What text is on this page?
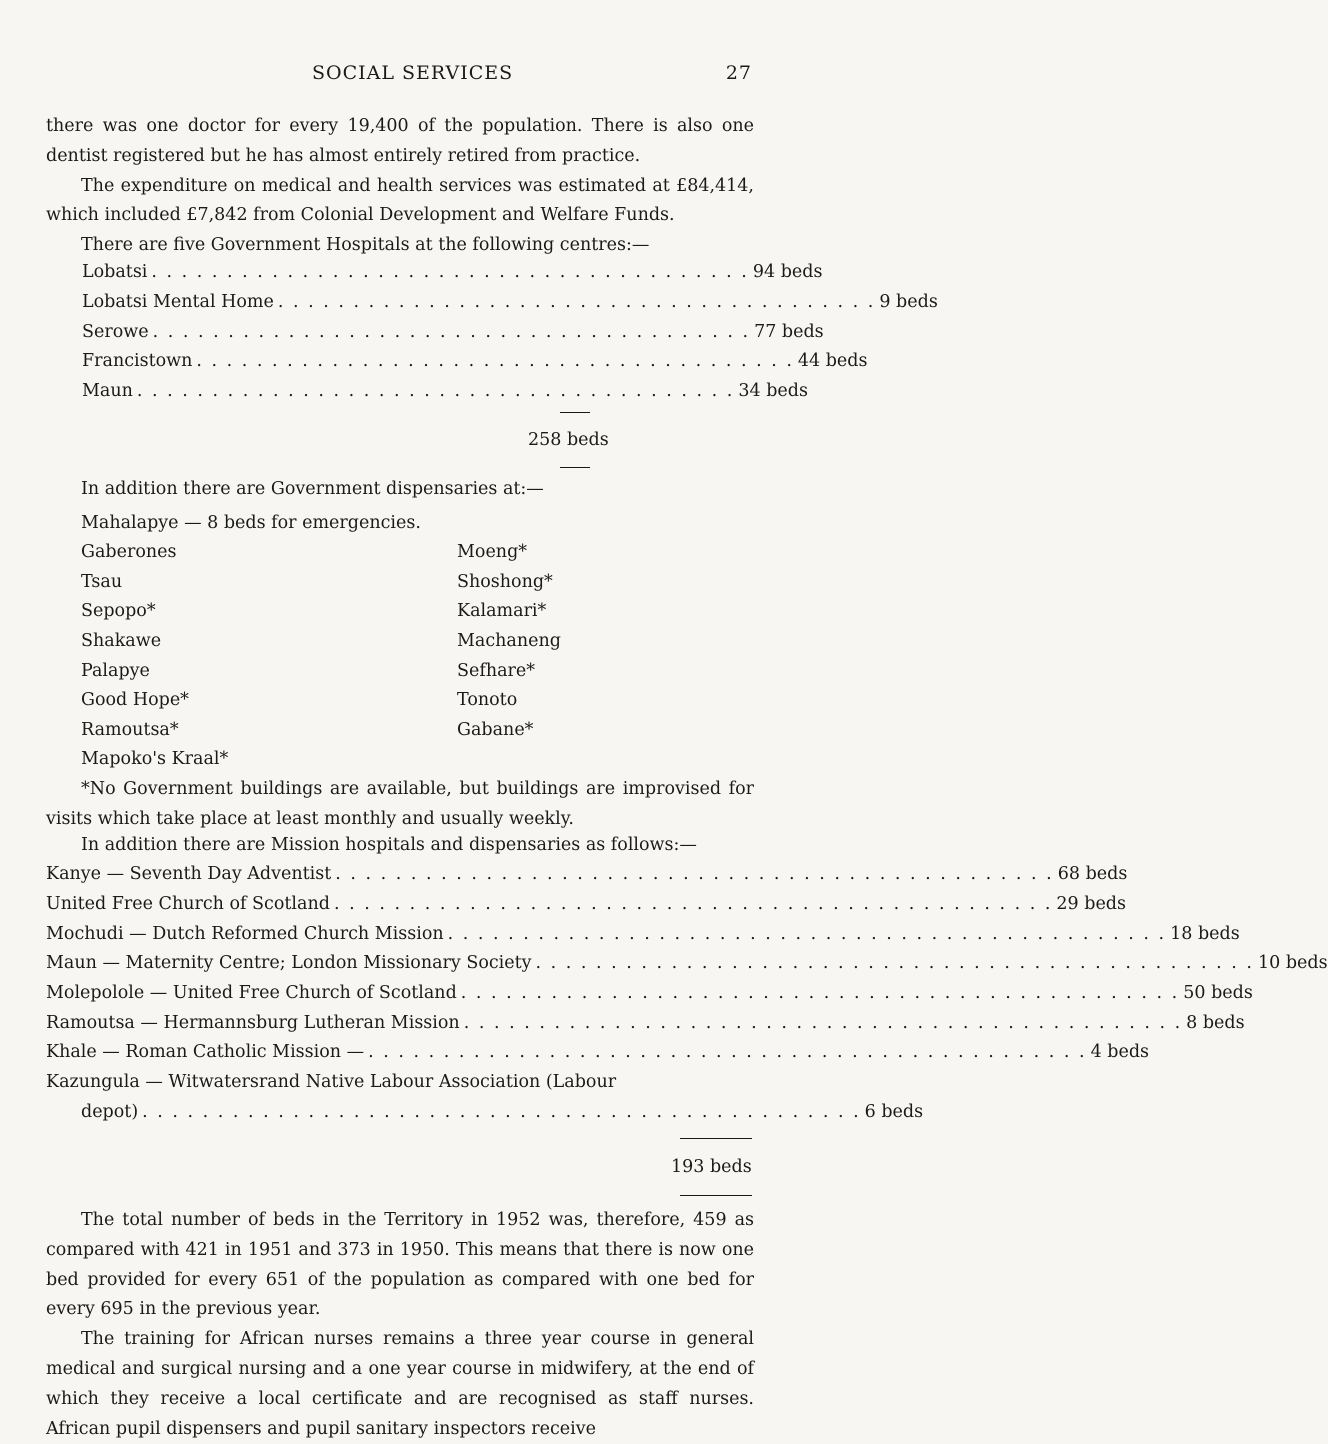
SOCIAL SERVICES	27

there was one doctor for every 19,400 of the population. There is also one dentist registered but he has almost entirely retired from practice.

The expenditure on medical and health services was estimated at £84,414, which included £7,842 from Colonial Development and Welfare Funds.

There are five Government Hospitals at the following centres:—

Lobatsi . . . . . . . . . . . . . . . . . . . . . . . . . . . . . . . . . . . . . . . . 94 beds
Lobatsi Mental Home . . . . . . . . . . . . . . . . . . . . . . . . . . . . . . . . . . . . . . . . 9 beds
Serowe . . . . . . . . . . . . . . . . . . . . . . . . . . . . . . . . . . . . . . . . 77 beds
Francistown . . . . . . . . . . . . . . . . . . . . . . . . . . . . . . . . . . . . . . . . 44 beds
Maun . . . . . . . . . . . . . . . . . . . . . . . . . . . . . . . . . . . . . . . . 34 beds
258 beds
In addition there are Government dispensaries at:—
Mahalapye — 8 beds for emergencies.
Gaberones
Tsau
Sepopo*
Shakawe
Palapye
Good Hope*
Ramoutsa*
Mapoko's Kraal*
Moeng*
Shoshong*
Kalamari*
Machaneng
Sefhare*
Tonoto
Gabane*
*No Government buildings are available, but buildings are improvised for visits which take place at least monthly and usually weekly.
In addition there are Mission hospitals and dispensaries as follows:—
Kanye — Seventh Day Adventist . . . . . . . . . . . . . . . . . . . . . . . . . . . . . . . . . . . . . . . . . . . . . . . . 68 beds
United Free Church of Scotland . . . . . . . . . . . . . . . . . . . . . . . . . . . . . . . . . . . . . . . . . . . . . . . . 29 beds
Mochudi — Dutch Reformed Church Mission . . . . . . . . . . . . . . . . . . . . . . . . . . . . . . . . . . . . . . . . . . . . . . . . 18 beds
Maun — Maternity Centre; London Missionary Society . . . . . . . . . . . . . . . . . . . . . . . . . . . . . . . . . . . . . . . . . . . . . . . . 10 beds
Molepolole — United Free Church of Scotland . . . . . . . . . . . . . . . . . . . . . . . . . . . . . . . . . . . . . . . . . . . . . . . . 50 beds
Ramoutsa — Hermannsburg Lutheran Mission . . . . . . . . . . . . . . . . . . . . . . . . . . . . . . . . . . . . . . . . . . . . . . . . 8 beds
Khale — Roman Catholic Mission — . . . . . . . . . . . . . . . . . . . . . . . . . . . . . . . . . . . . . . . . . . . . . . . . 4 beds
Kazungula — Witwatersrand Native Labour Association (Labour
depot) . . . . . . . . . . . . . . . . . . . . . . . . . . . . . . . . . . . . . . . . . . . . . . . . 6 beds
193 beds

The total number of beds in the Territory in 1952 was, therefore, 459 as compared with 421 in 1951 and 373 in 1950. This means that there is now one bed provided for every 651 of the population as compared with one bed for every 695 in the previous year.

The training for African nurses remains a three year course in general medical and surgical nursing and a one year course in midwifery, at the end of which they receive a local certificate and are recognised as staff nurses. African pupil dispensers and pupil sanitary inspectors receive
